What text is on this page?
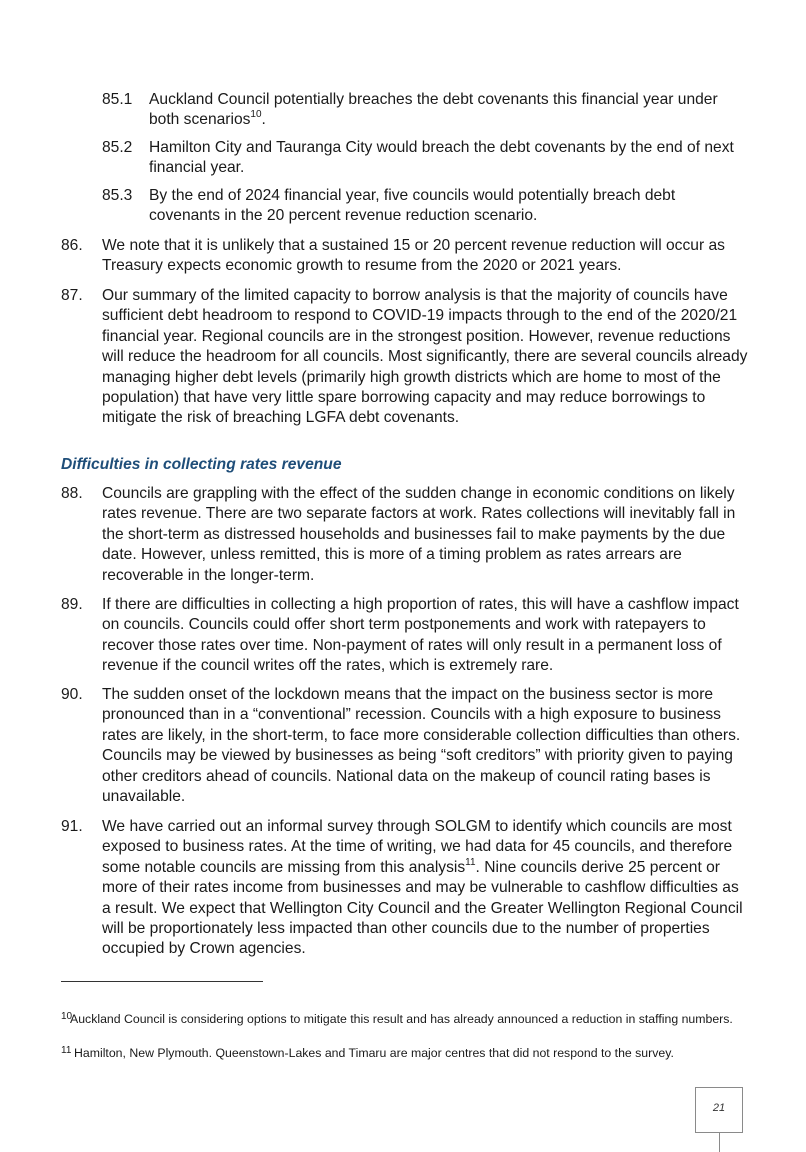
85.1 Auckland Council potentially breaches the debt covenants this financial year under both scenarios$^{10}$.
85.2 Hamilton City and Tauranga City would breach the debt covenants by the end of next financial year.
85.3 By the end of 2024 financial year, five councils would potentially breach debt covenants in the 20 percent revenue reduction scenario.
86. We note that it is unlikely that a sustained 15 or 20 percent revenue reduction will occur as Treasury expects economic growth to resume from the 2020 or 2021 years.
87. Our summary of the limited capacity to borrow analysis is that the majority of councils have sufficient debt headroom to respond to COVID-19 impacts through to the end of the 2020/21 financial year. Regional councils are in the strongest position. However, revenue reductions will reduce the headroom for all councils. Most significantly, there are several councils already managing higher debt levels (primarily high growth districts which are home to most of the population) that have very little spare borrowing capacity and may reduce borrowings to mitigate the risk of breaching LGFA debt covenants.
Difficulties in collecting rates revenue
88. Councils are grappling with the effect of the sudden change in economic conditions on likely rates revenue. There are two separate factors at work. Rates collections will inevitably fall in the short-term as distressed households and businesses fail to make payments by the due date. However, unless remitted, this is more of a timing problem as rates arrears are recoverable in the longer-term.
89. If there are difficulties in collecting a high proportion of rates, this will have a cashflow impact on councils. Councils could offer short term postponements and work with ratepayers to recover those rates over time. Non-payment of rates will only result in a permanent loss of revenue if the council writes off the rates, which is extremely rare.
90. The sudden onset of the lockdown means that the impact on the business sector is more pronounced than in a “conventional” recession. Councils with a high exposure to business rates are likely, in the short-term, to face more considerable collection difficulties than others. Councils may be viewed by businesses as being “soft creditors” with priority given to paying other creditors ahead of councils. National data on the makeup of council rating bases is unavailable.
91. We have carried out an informal survey through SOLGM to identify which councils are most exposed to business rates. At the time of writing, we had data for 45 councils, and therefore some notable councils are missing from this analysis$^{11}$. Nine councils derive 25 percent or more of their rates income from businesses and may be vulnerable to cashflow difficulties as a result. We expect that Wellington City Council and the Greater Wellington Regional Council will be proportionately less impacted than other councils due to the number of properties occupied by Crown agencies.
10
Auckland Council is considering options to mitigate this result and has already announced a reduction in staffing numbers.
11 Hamilton, New Plymouth. Queenstown-Lakes and Timaru are major centres that did not respond to the survey.
21
